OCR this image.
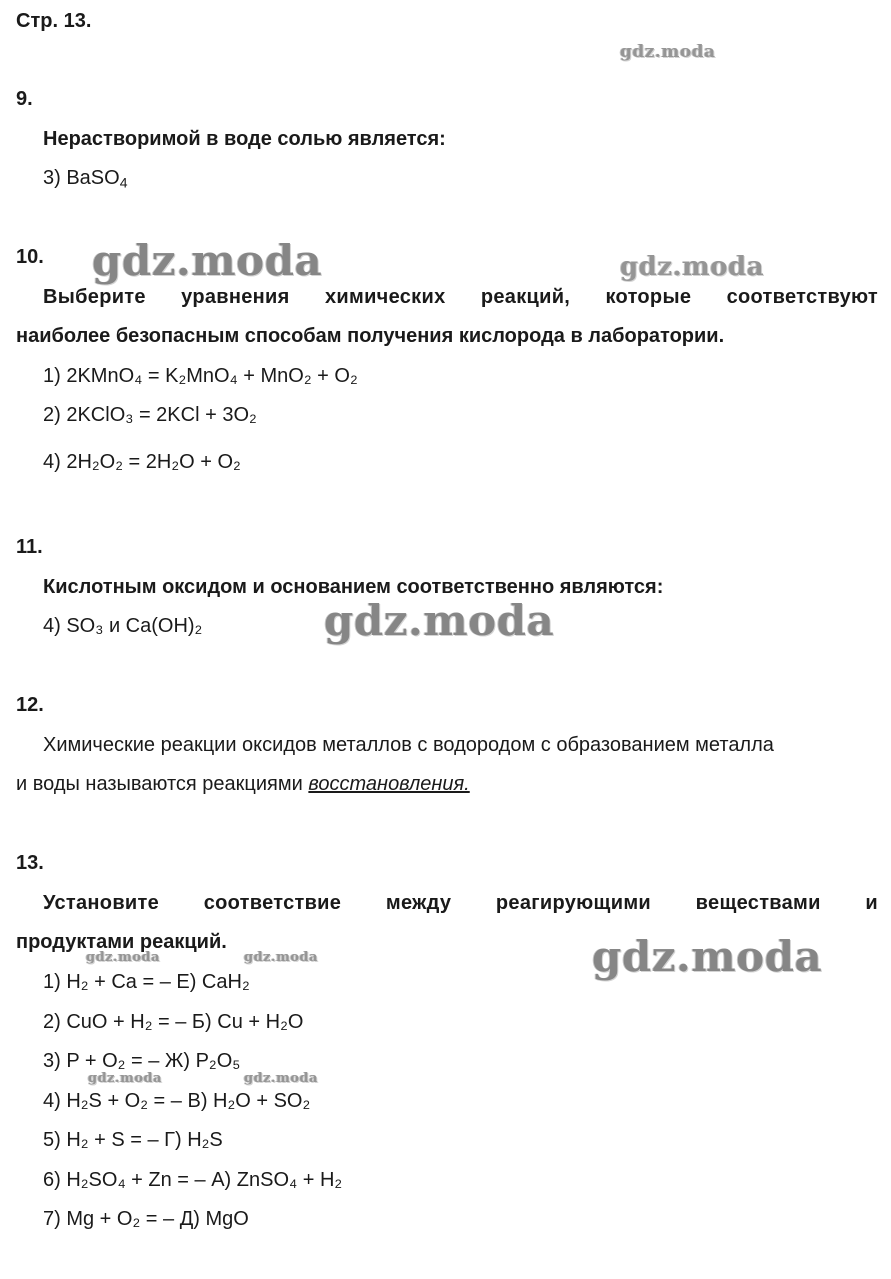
Стр. 13.
gdz.moda
gdz.moda	gdz.moda
gdz.moda
gdz.moda
gdz.moda	gdz.moda
gdz.moda	gdz.moda
9.
Нерастворимой в воде солью является:
3) BaSO$_4$
10.
Выберите уравнения химических реакций, которые соответствуют
наиболее безопасным способам получения кислорода в лаборатории.
1) 2KMnO₄ = K₂MnO₄ + MnO₂ + O₂
2) 2KClO₃ = 2KCl + 3O₂
4) 2H₂O₂ = 2H₂O + O₂
11.
Кислотным оксидом и основанием соответственно являются:
4) SO₃ и Ca(OH)₂
12.
Химические реакции оксидов металлов с водородом с образованием металла
и воды называются реакциями восстановления.
13.
Установите соответствие между реагирующими веществами и
продуктами реакций.
1) H₂ + Ca = – Е) CaH₂
2) CuO + H₂ = – Б) Cu + H₂O
3) P + O₂ = – Ж) P₂O₅
4) H₂S + O₂ = – В) H₂O + SO₂
5) H₂ + S = – Г) H₂S
6) H₂SO₄ + Zn = – А) ZnSO₄ + H₂
7) Mg + O₂ = – Д) MgO
